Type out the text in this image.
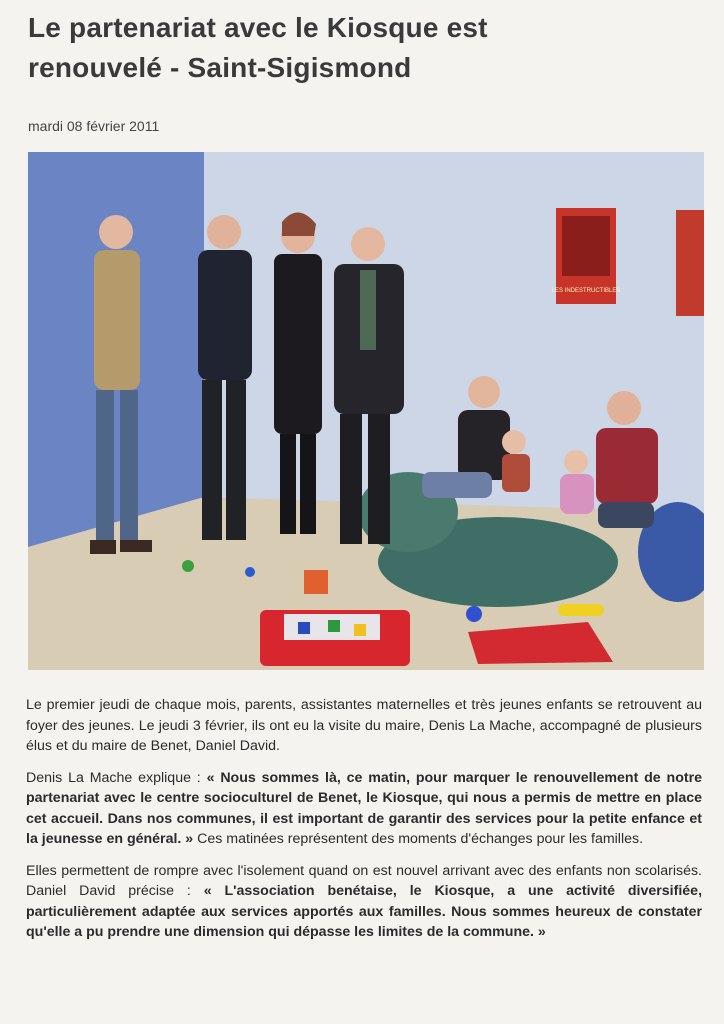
Le partenariat avec le Kiosque est
renouvelé - Saint-Sigismond
mardi 08 février 2011
LES INDESTRUCTIBLES

Le premier jeudi de chaque mois, parents, assistantes maternelles et très jeunes enfants se retrouvent au foyer des jeunes. Le jeudi 3 février, ils ont eu la visite du maire, Denis La Mache, accompagné de plusieurs élus et du maire de Benet, Daniel David.

Denis La Mache explique : « Nous sommes là, ce matin, pour marquer le renouvellement de notre partenariat avec le centre socioculturel de Benet, le Kiosque, qui nous a permis de mettre en place cet accueil. Dans nos communes, il est important de garantir des services pour la petite enfance et la jeunesse en général. » Ces matinées représentent des moments d'échanges pour les familles.

Elles permettent de rompre avec l'isolement quand on est nouvel arrivant avec des enfants non scolarisés. Daniel David précise : « L'association benétaise, le Kiosque, a une activité diversifiée, particulièrement adaptée aux services apportés aux familles. Nous sommes heureux de constater qu'elle a pu prendre une dimension qui dépasse les limites de la commune. »
